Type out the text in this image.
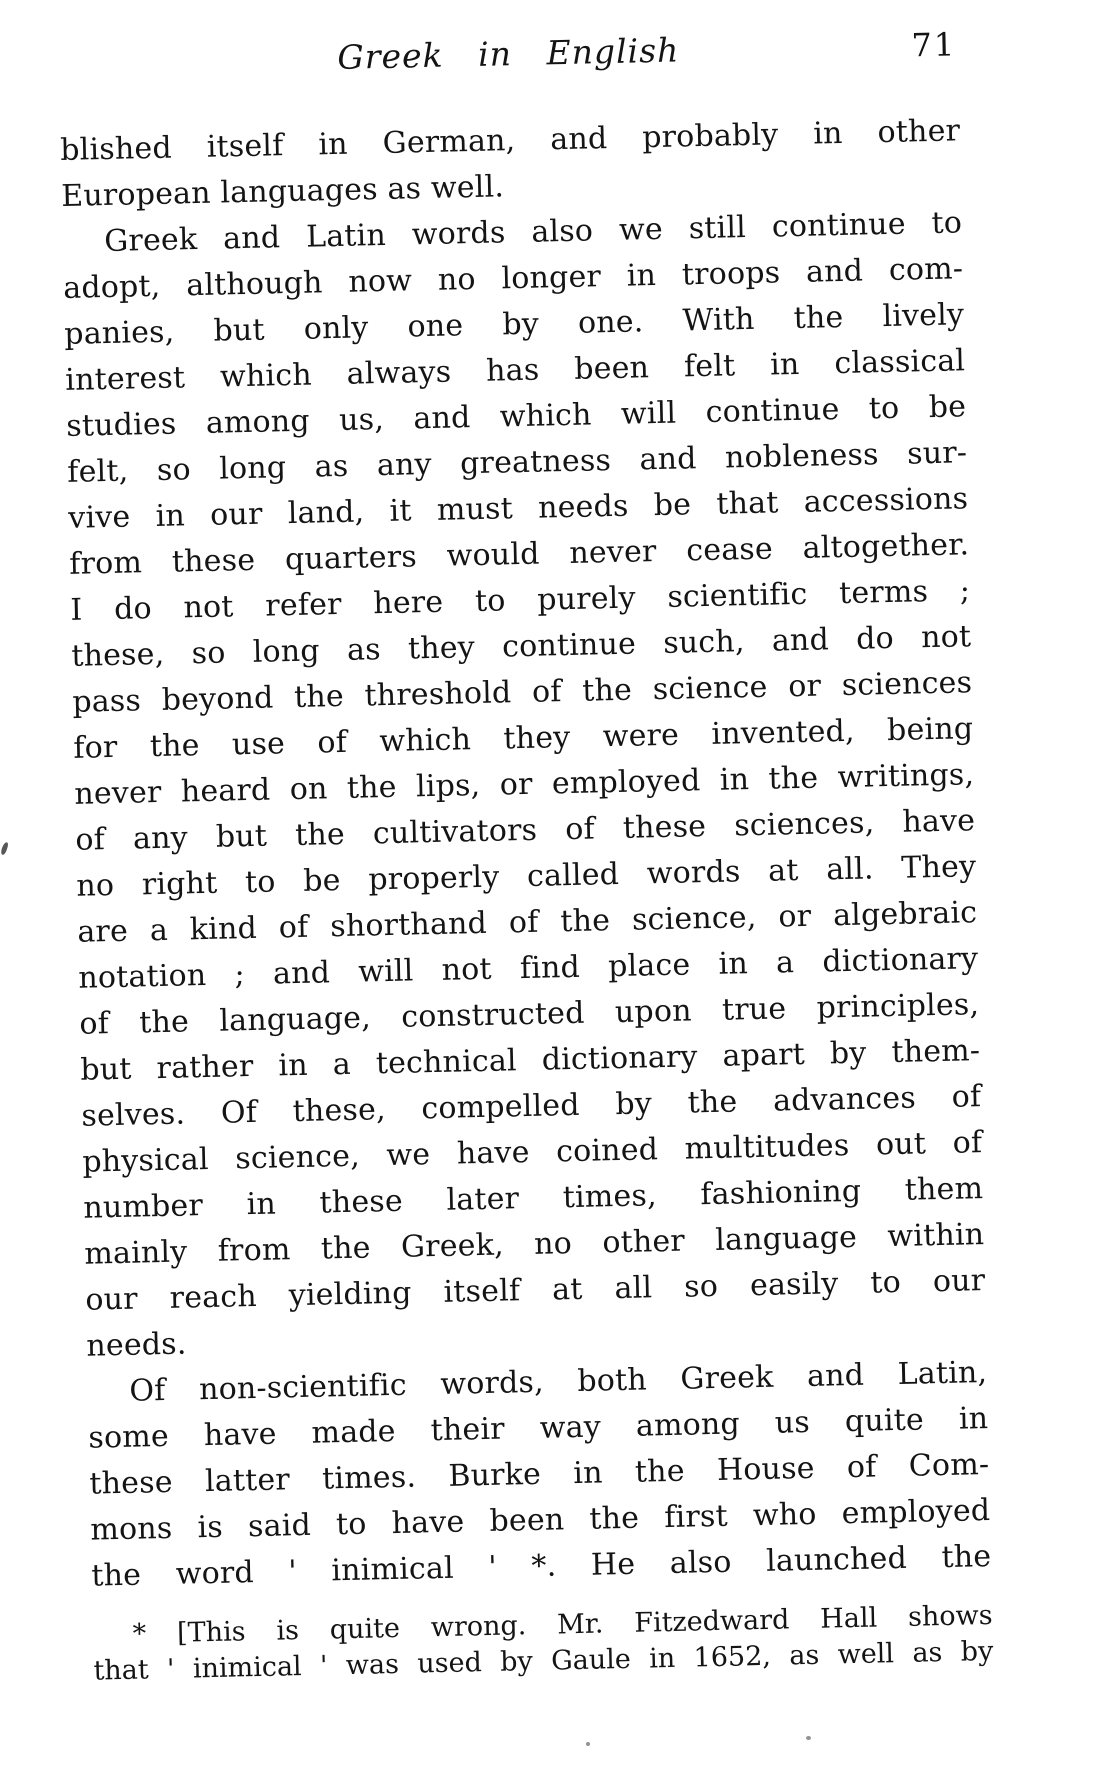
Greek in English	71
blished itself in German, and probably in other
European languages as well.
Greek and Latin words also we still continue to
adopt, although now no longer in troops and com-
panies, but only one by one. With the lively
interest which always has been felt in classical
studies among us, and which will continue to be
felt, so long as any greatness and nobleness sur-
vive in our land, it must needs be that accessions
from these quarters would never cease altogether.
I do not refer here to purely scientific terms ;
these, so long as they continue such, and do not
pass beyond the threshold of the science or sciences
for the use of which they were invented, being
never heard on the lips, or employed in the writings,
of any but the cultivators of these sciences, have
no right to be properly called words at all. They
are a kind of shorthand of the science, or algebraic
notation ; and will not find place in a dictionary
of the language, constructed upon true principles,
but rather in a technical dictionary apart by them-
selves. Of these, compelled by the advances of
physical science, we have coined multitudes out of
number in these later times, fashioning them
mainly from the Greek, no other language within
our reach yielding itself at all so easily to our
needs.
Of non-scientific words, both Greek and Latin,
some have made their way among us quite in
these latter times. Burke in the House of Com-
mons is said to have been the first who employed
the word ' inimical ' *. He also launched the
* [This is quite wrong. Mr. Fitzedward Hall shows
that ' inimical ' was used by Gaule in 1652, as well as by
